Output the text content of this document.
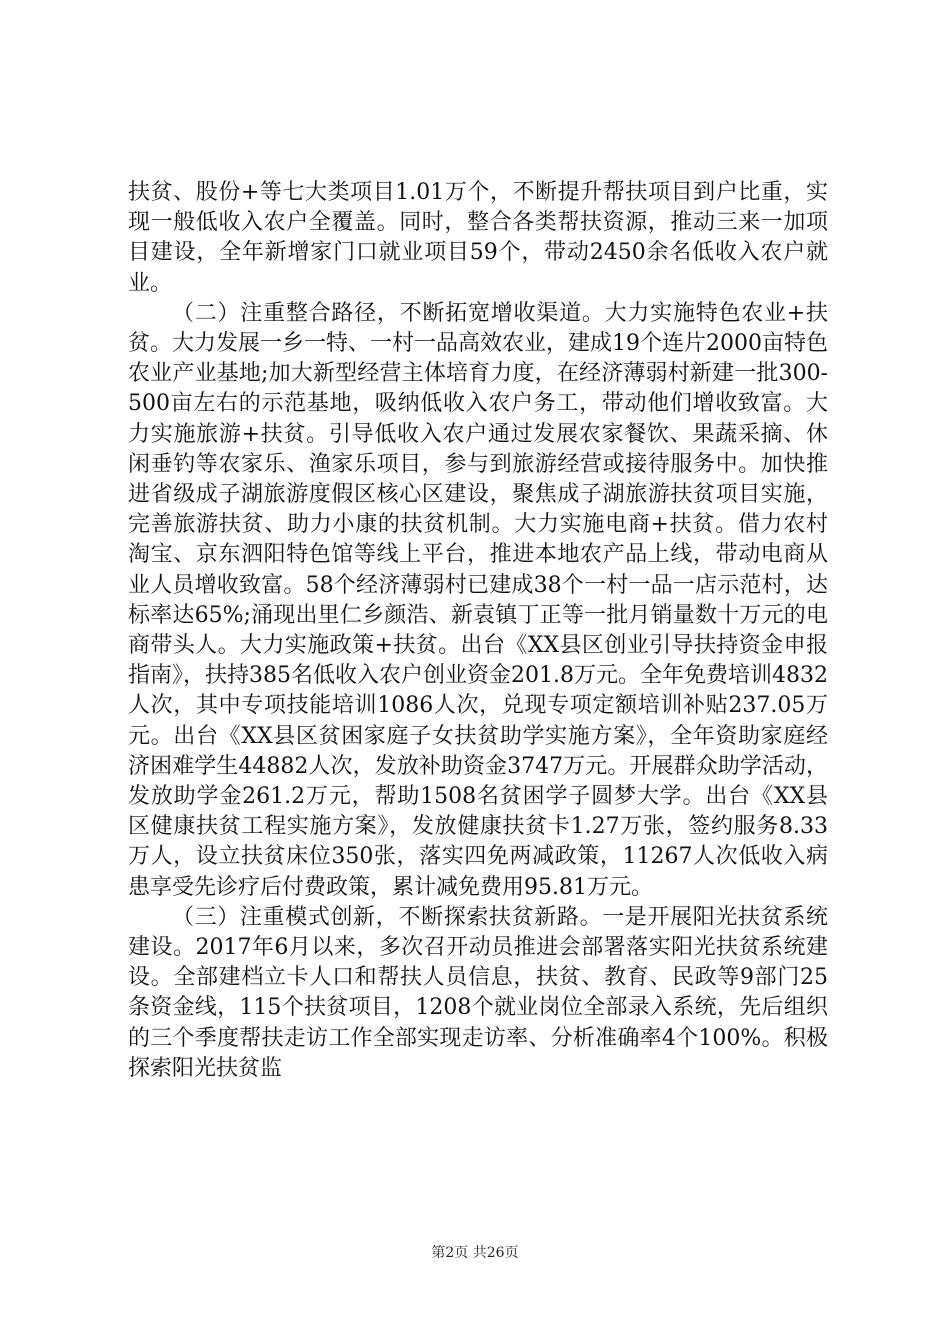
扶贫、股份+等七大类项目1.01万个，不断提升帮扶项目到户比重，实现一般低收入农户全覆盖。同时，整合各类帮扶资源，推动三来一加项目建设，全年新增家门口就业项目59个，带动2450余名低收入农户就业。

（二）注重整合路径，不断拓宽增收渠道。大力实施特色农业+扶贫。大力发展一乡一特、一村一品高效农业，建成19个连片2000亩特色农业产业基地;加大新型经营主体培育力度，在经济薄弱村新建一批300-500亩左右的示范基地，吸纳低收入农户务工，带动他们增收致富。大力实施旅游+扶贫。引导低收入农户通过发展农家餐饮、果蔬采摘、休闲垂钓等农家乐、渔家乐项目，参与到旅游经营或接待服务中。加快推进省级成子湖旅游度假区核心区建设，聚焦成子湖旅游扶贫项目实施，完善旅游扶贫、助力小康的扶贫机制。大力实施电商+扶贫。借力农村淘宝、京东泗阳特色馆等线上平台，推进本地农产品上线，带动电商从业人员增收致富。58个经济薄弱村已建成38个一村一品一店示范村，达标率达65%;涌现出里仁乡颜浩、新袁镇丁正等一批月销量数十万元的电商带头人。大力实施政策+扶贫。出台《XX县区创业引导扶持资金申报指南》，扶持385名低收入农户创业资金201.8万元。全年免费培训4832人次，其中专项技能培训1086人次，兑现专项定额培训补贴237.05万元。出台《XX县区贫困家庭子女扶贫助学实施方案》，全年资助家庭经济困难学生44882人次，发放补助资金3747万元。开展群众助学活动，发放助学金261.2万元，帮助1508名贫困学子圆梦大学。出台《XX县区健康扶贫工程实施方案》，发放健康扶贫卡1.27万张，签约服务8.33万人，设立扶贫床位350张，落实四免两减政策，11267人次低收入病患享受先诊疗后付费政策，累计减免费用95.81万元。

（三）注重模式创新，不断探索扶贫新路。一是开展阳光扶贫系统建设。2017年6月以来，多次召开动员推进会部署落实阳光扶贫系统建设。全部建档立卡人口和帮扶人员信息，扶贫、教育、民政等9部门25条资金线，115个扶贫项目，1208个就业岗位全部录入系统，先后组织的三个季度帮扶走访工作全部实现走访率、分析准确率4个100%。积极探索阳光扶贫监

第2页 共26页
